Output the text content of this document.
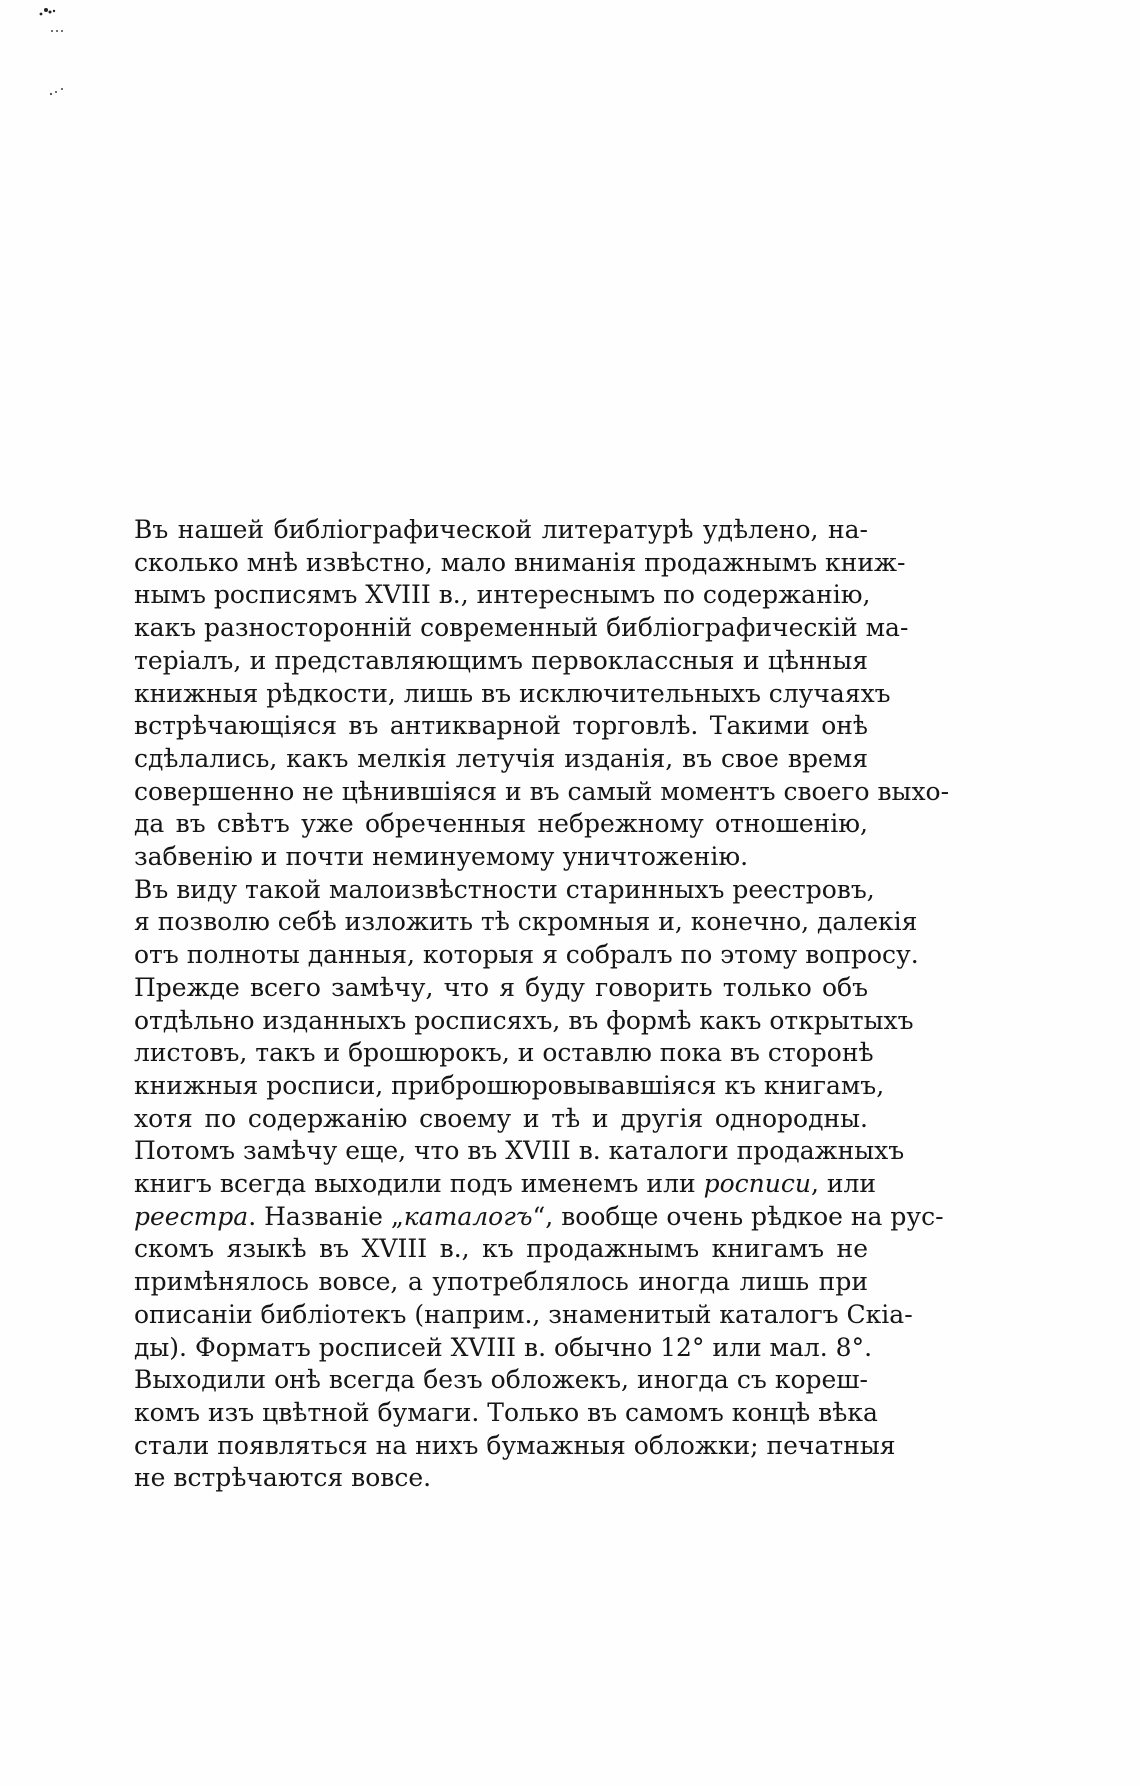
Въ нашей библіографической литературѣ удѣлено, на-
сколько мнѣ извѣстно, мало вниманія продажнымъ книж-
нымъ росписямъ XVIII в., интереснымъ по содержанію,
какъ разносторонній современный библіографическій ма-
теріалъ, и представляющимъ первоклассныя и цѣнныя
книжныя рѣдкости, лишь въ исключительныхъ случаяхъ
встрѣчающіяся въ антикварной торговлѣ. Такими онѣ
сдѣлались, какъ мелкія летучія изданія, въ свое время
совершенно не цѣнившіяся и въ самый моментъ своего выхо-
да въ свѣтъ уже обреченныя небрежному отношенію,
забвенію и почти неминуемому уничтоженію.
Въ виду такой малоизвѣстности старинныхъ реестровъ,
я позволю себѣ изложить тѣ скромныя и, конечно, далекія
отъ полноты данныя, которыя я собралъ по этому вопросу.
Прежде всего замѣчу, что я буду говорить только объ
отдѣльно изданныхъ росписяхъ, въ формѣ какъ открытыхъ
листовъ, такъ и брошюрокъ, и оставлю пока въ сторонѣ
книжныя росписи, приброшюровывавшіяся къ книгамъ,
хотя по содержанію своему и тѣ и другія однородны.
Потомъ замѣчу еще, что въ XVIII в. каталоги продажныхъ
книгъ всегда выходили подъ именемъ или росписи, или
реестра. Названіе „каталогъ“, вообще очень рѣдкое на рус-
скомъ языкѣ въ XVIII в., къ продажнымъ книгамъ не
примѣнялось вовсе, а употреблялось иногда лишь при
описаніи библіотекъ (наприм., знаменитый каталогъ Скіа-
ды). Форматъ росписей XVIII в. обычно 12° или мал. 8°.
Выходили онѣ всегда безъ обложекъ, иногда съ кореш-
комъ изъ цвѣтной бумаги. Только въ самомъ концѣ вѣка
стали появляться на нихъ бумажныя обложки; печатныя
не встрѣчаются вовсе.
